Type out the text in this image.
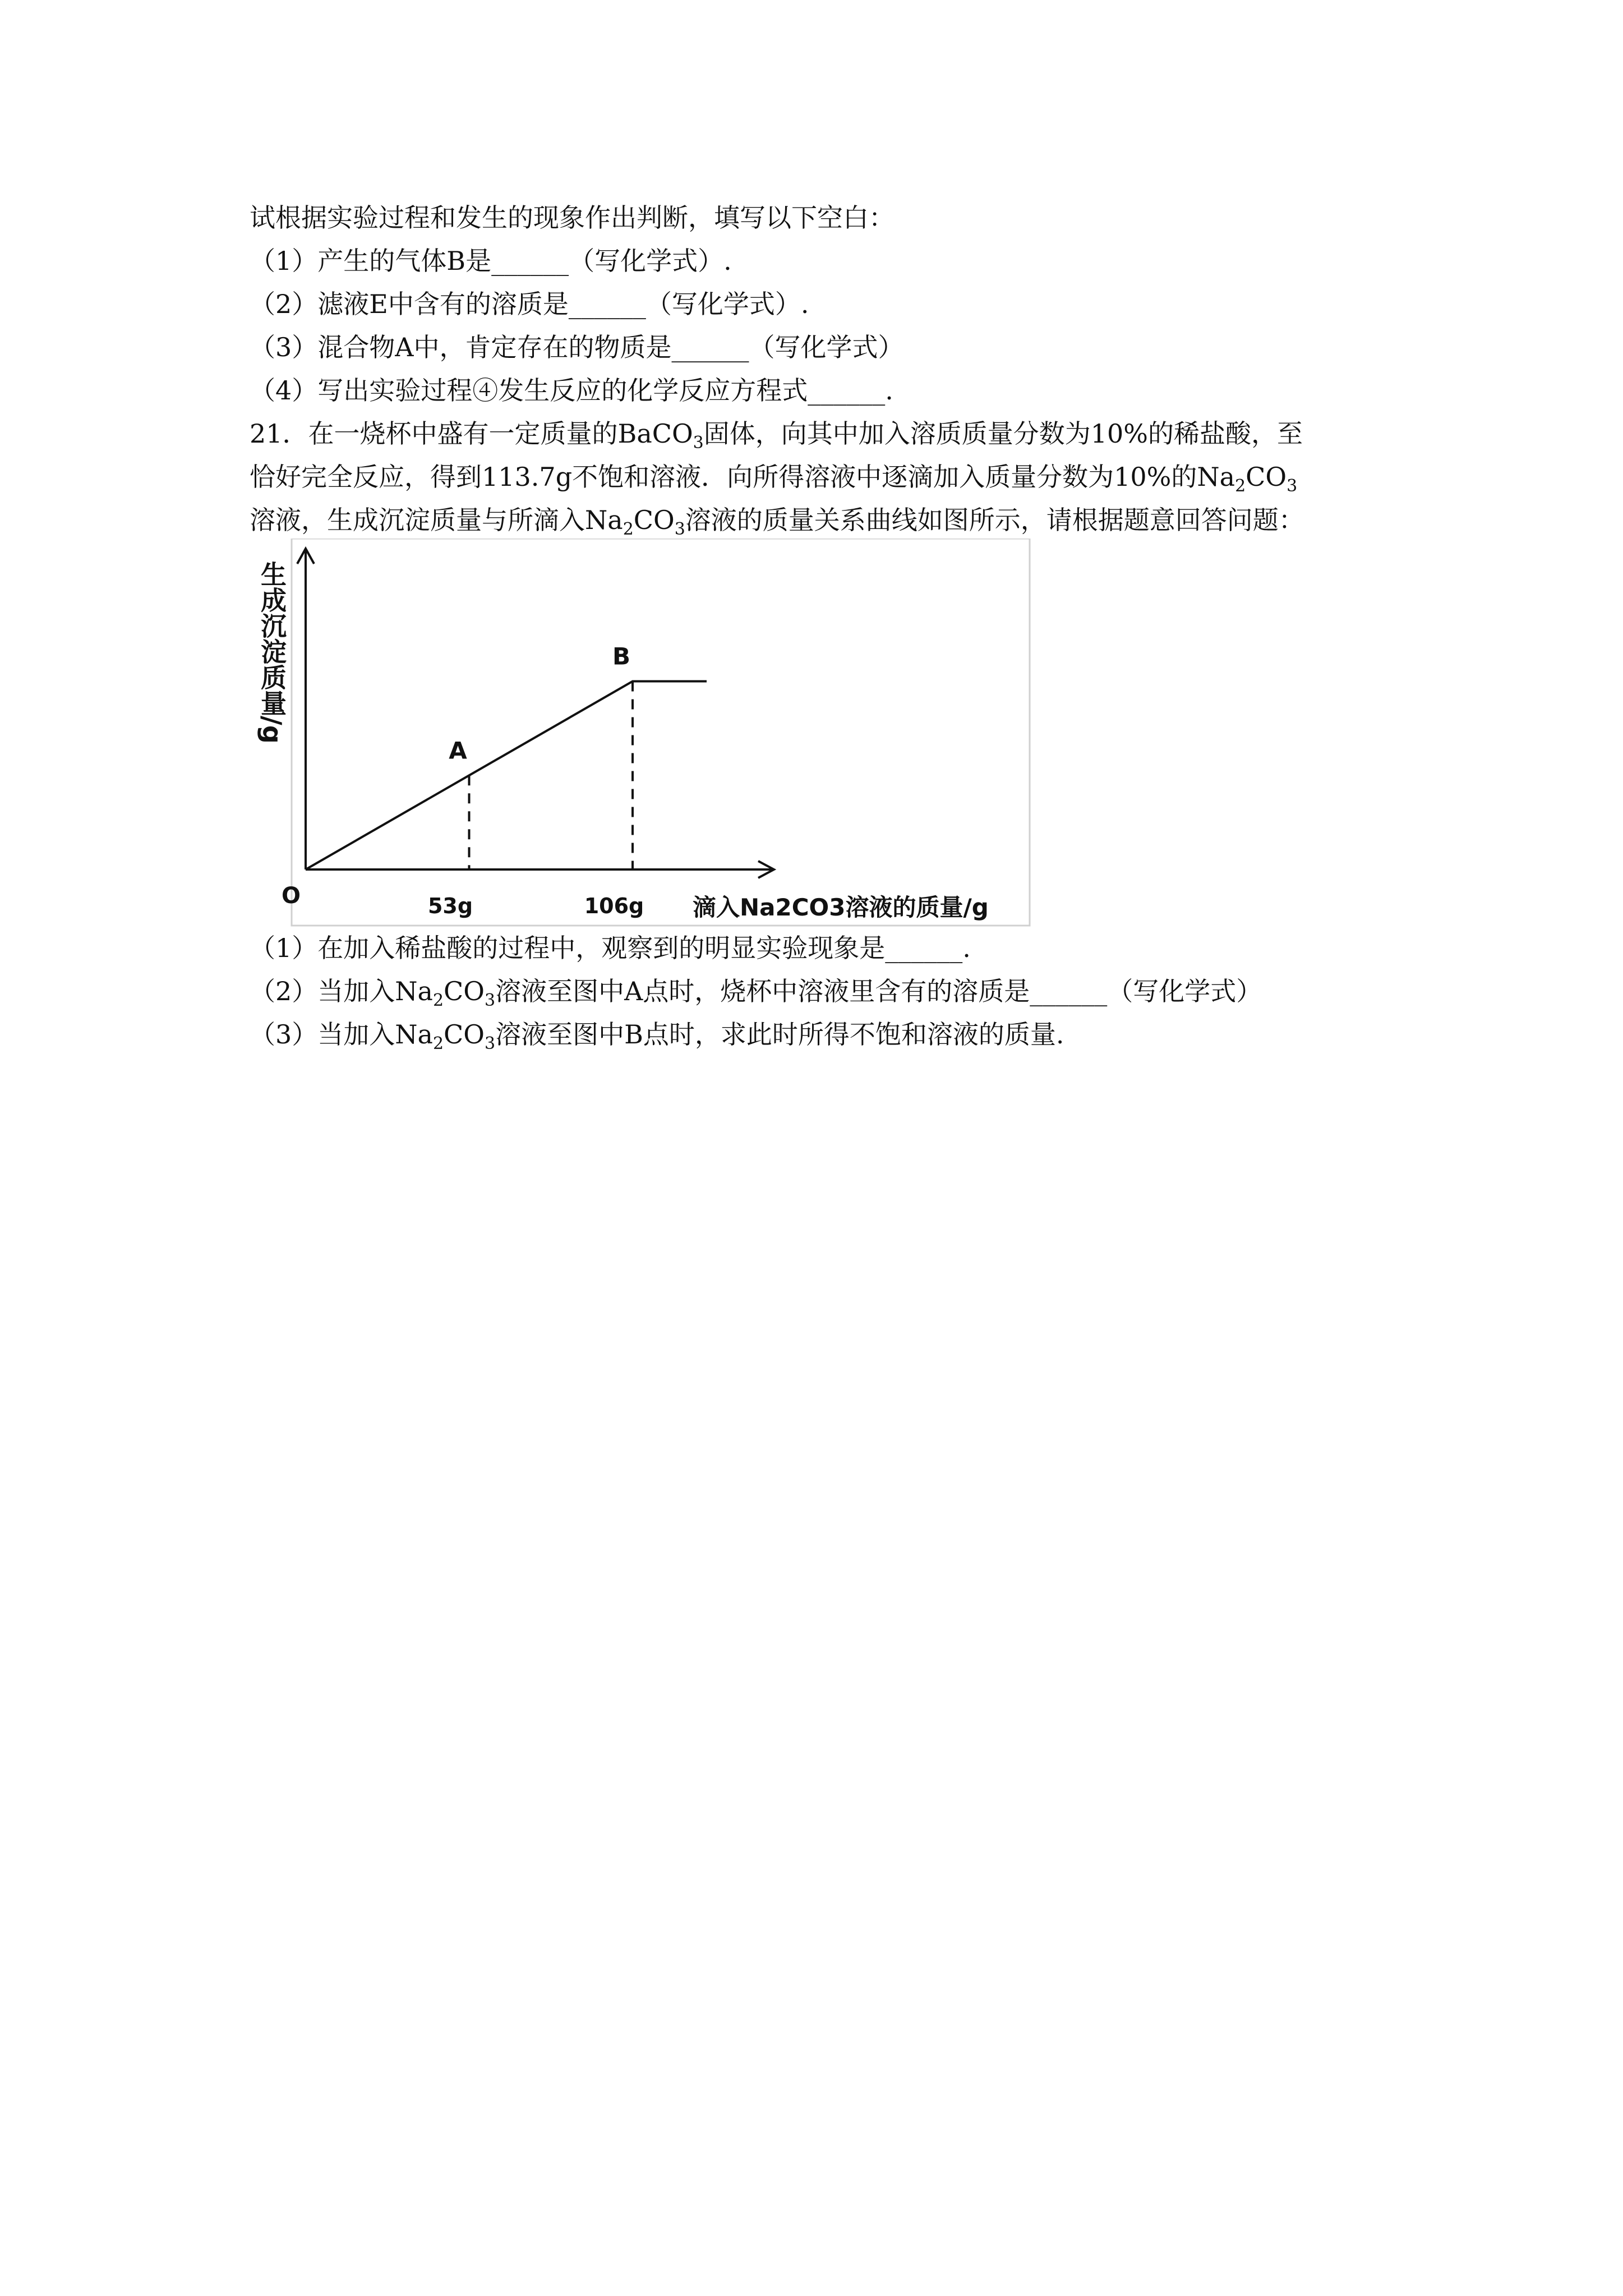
试根据实验过程和发生的现象作出判断，填写以下空白：
（1）产生的气体B是______（写化学式）.
（2）滤液E中含有的溶质是______（写化学式）.
（3）混合物A中，肯定存在的物质是______（写化学式）
（4）写出实验过程④发生反应的化学反应方程式______.
21．在一烧杯中盛有一定质量的BaCO$_3$固体，向其中加入溶质质量分数为10%的稀盐酸，至
恰好完全反应，得到113.7g不饱和溶液．向所得溶液中逐滴加入质量分数为10%的$Na_2CO_3$
溶液，生成沉淀质量与所滴入$Na_2CO_3$溶液的质量关系曲线如图所示，请根据题意回答问题：
生成沉淀质量/g
O	53g	106g 滴入Na2CO3溶液的质量/g
A
B
（1）在加入稀盐酸的过程中，观察到的明显实验现象是______.
（2）当加入$Na_2CO_3$溶液至图中A点时，烧杯中溶液里含有的溶质是______（写化学式）
（3）当加入$Na_2CO_3$溶液至图中B点时，求此时所得不饱和溶液的质量.
